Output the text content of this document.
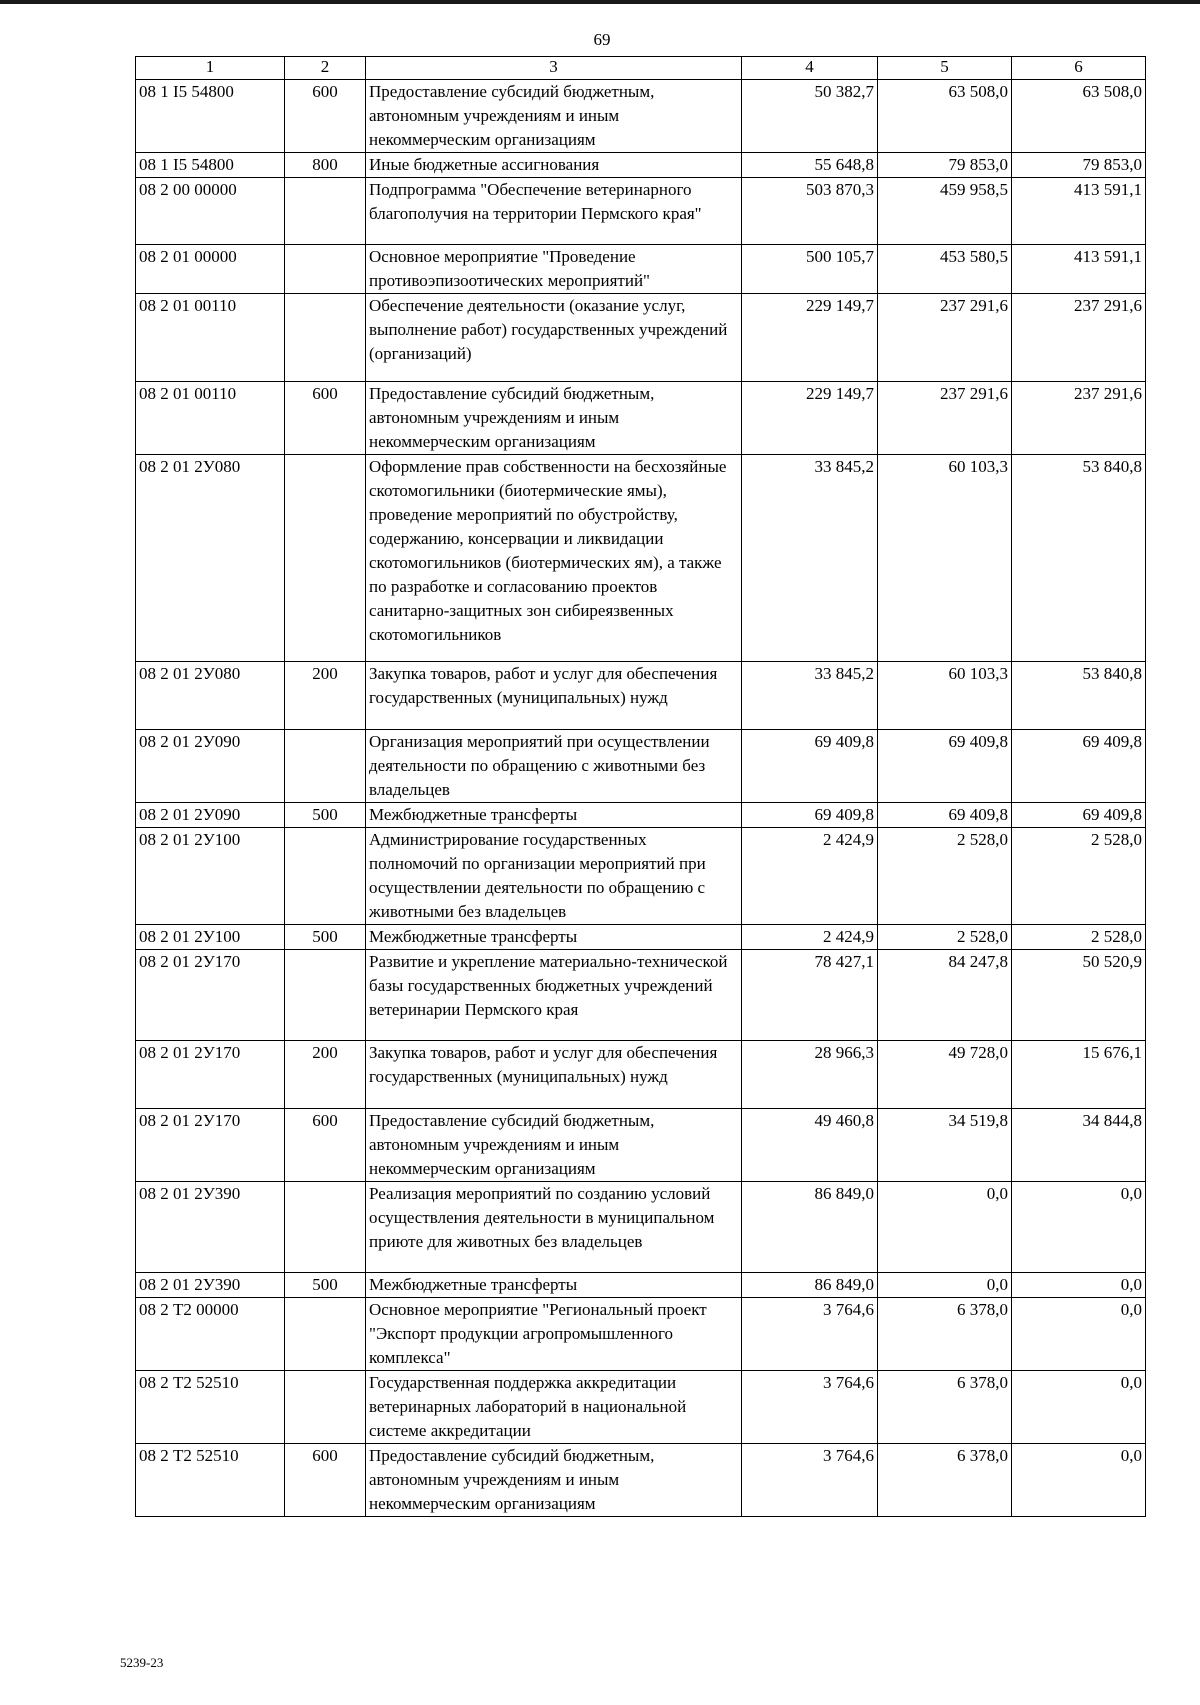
69
1	2	3	4	5	6
08 1 I5 54800	600	Предоставление субсидий бюджетным, автономным учреждениям и иным некоммерческим организациям	50 382,7	63 508,0	63 508,0
08 1 I5 54800	800	Иные бюджетные ассигнования	55 648,8	79 853,0	79 853,0
08 2 00 00000		Подпрограмма "Обеспечение ветеринарного благополучия на территории Пермского края"	503 870,3	459 958,5	413 591,1
08 2 01 00000		Основное мероприятие "Проведение противоэпизоотических мероприятий"	500 105,7	453 580,5	413 591,1
08 2 01 00110		Обеспечение деятельности (оказание услуг, выполнение работ) государственных учреждений (организаций)	229 149,7	237 291,6	237 291,6
08 2 01 00110	600	Предоставление субсидий бюджетным, автономным учреждениям и иным некоммерческим организациям	229 149,7	237 291,6	237 291,6
08 2 01 2У080		Оформление прав собственности на бесхозяйные скотомогильники (биотермические ямы), проведение мероприятий по обустройству, содержанию, консервации и ликвидации скотомогильников (биотермических ям), а также по разработке и согласованию проектов санитарно-защитных зон сибиреязвенных скотомогильников	33 845,2	60 103,3	53 840,8
08 2 01 2У080	200	Закупка товаров, работ и услуг для обеспечения государственных (муниципальных) нужд	33 845,2	60 103,3	53 840,8
08 2 01 2У090		Организация мероприятий при осуществлении деятельности по обращению с животными без владельцев	69 409,8	69 409,8	69 409,8
08 2 01 2У090	500	Межбюджетные трансферты	69 409,8	69 409,8	69 409,8
08 2 01 2У100		Администрирование государственных полномочий по организации мероприятий при осуществлении деятельности по обращению с животными без владельцев	2 424,9	2 528,0	2 528,0
08 2 01 2У100	500	Межбюджетные трансферты	2 424,9	2 528,0	2 528,0
08 2 01 2У170		Развитие и укрепление материально-технической базы государственных бюджетных учреждений ветеринарии Пермского края	78 427,1	84 247,8	50 520,9
08 2 01 2У170	200	Закупка товаров, работ и услуг для обеспечения государственных (муниципальных) нужд	28 966,3	49 728,0	15 676,1
08 2 01 2У170	600	Предоставление субсидий бюджетным, автономным учреждениям и иным некоммерческим организациям	49 460,8	34 519,8	34 844,8
08 2 01 2У390		Реализация мероприятий по созданию условий осуществления деятельности в муниципальном приюте для животных без владельцев	86 849,0	0,0	0,0
08 2 01 2У390	500	Межбюджетные трансферты	86 849,0	0,0	0,0
08 2 Т2 00000		Основное мероприятие "Региональный проект "Экспорт продукции агропромышленного комплекса"	3 764,6	6 378,0	0,0
08 2 Т2 52510		Государственная поддержка аккредитации ветеринарных лабораторий в национальной системе аккредитации	3 764,6	6 378,0	0,0
08 2 Т2 52510	600	Предоставление субсидий бюджетным, автономным учреждениям и иным некоммерческим организациям	3 764,6	6 378,0	0,0
5239-23
